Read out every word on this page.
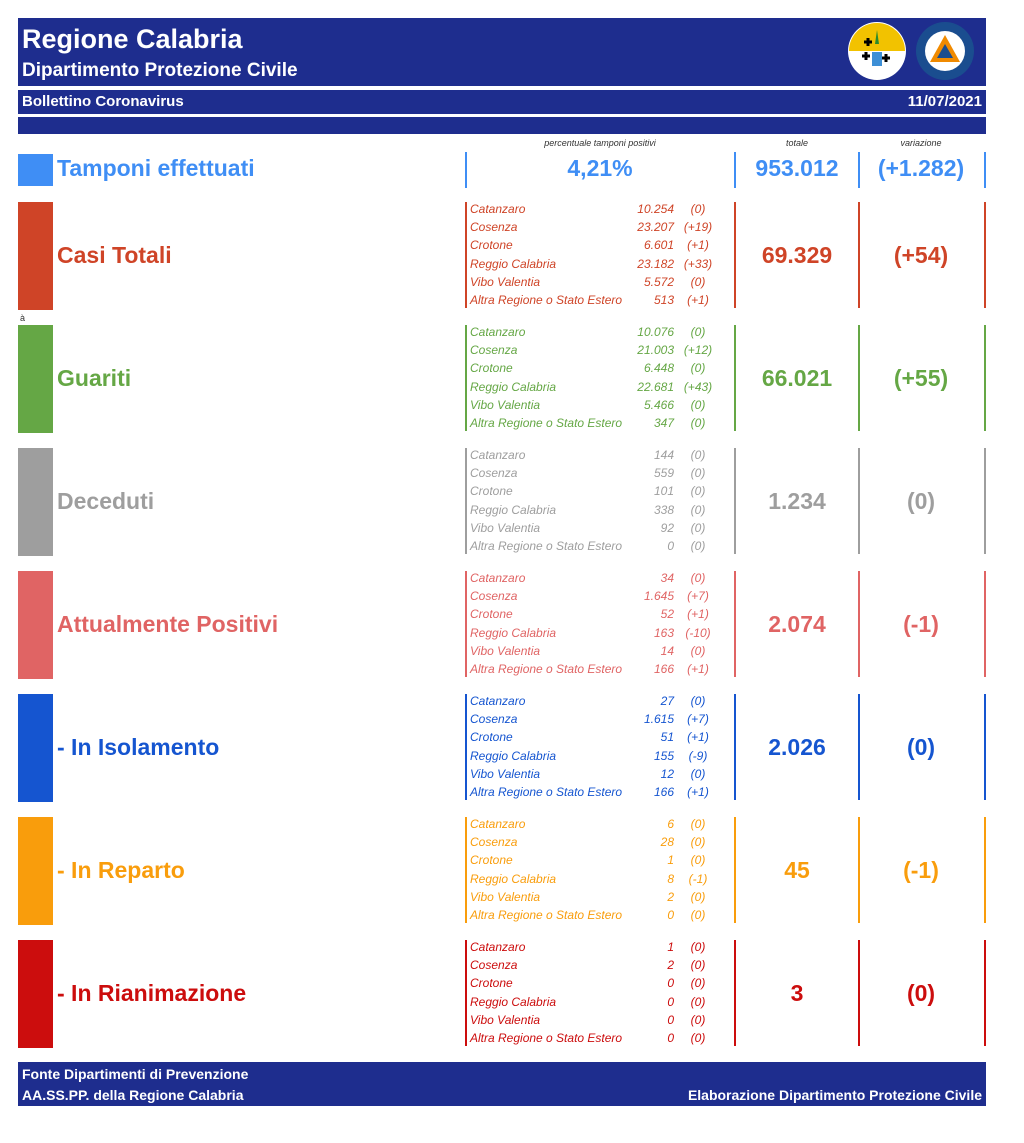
Regione Calabria
Dipartimento Protezione Civile
Bollettino Coronavirus	11/07/2021
percentuale tamponi positivi	totale	variazione
Tamponi effettuati	4,21%	953.012	(+1.282)
à
Casi Totali	69.329	(+54)
Catanzaro	10.254	(0)
Cosenza	23.207 (+19)
Crotone	6.601	(+1)
Reggio Calabria	23.182 (+33)
Vibo Valentia	5.572	(0)
Altra Regione o Stato Estero	513	(+1)
Guariti	66.021	(+55)
Catanzaro	10.076	(0)
Cosenza	21.003 (+12)
Crotone	6.448	(0)
Reggio Calabria	22.681 (+43)
Vibo Valentia	5.466	(0)
Altra Regione o Stato Estero	347	(0)
Deceduti	1.234	(0)
Catanzaro	144	(0)
Cosenza	559	(0)
Crotone	101	(0)
Reggio Calabria	338	(0)
Vibo Valentia	92	(0)
Altra Regione o Stato Estero	0	(0)
Attualmente Positivi	2.074	(-1)
Catanzaro	34	(0)
Cosenza	1.645	(+7)
Crotone	52	(+1)
Reggio Calabria	163 (-10)
Vibo Valentia	14	(0)
Altra Regione o Stato Estero	166	(+1)
- In Isolamento	2.026	(0)
Catanzaro	27	(0)
Cosenza	1.615	(+7)
Crotone	51	(+1)
Reggio Calabria	155	(-9)
Vibo Valentia	12	(0)
Altra Regione o Stato Estero	166	(+1)
- In Reparto	45	(-1)
Catanzaro	6	(0)
Cosenza	28	(0)
Crotone	1	(0)
Reggio Calabria	8	(-1)
Vibo Valentia	2	(0)
Altra Regione o Stato Estero	0	(0)
- In Rianimazione	3	(0)
Catanzaro	1	(0)
Cosenza	2	(0)
Crotone	0	(0)
Reggio Calabria	0	(0)
Vibo Valentia	0	(0)
Altra Regione o Stato Estero	0	(0)
Fonte Dipartimenti di Prevenzione
AA.SS.PP. della Regione Calabria	Elaborazione Dipartimento Protezione Civile
